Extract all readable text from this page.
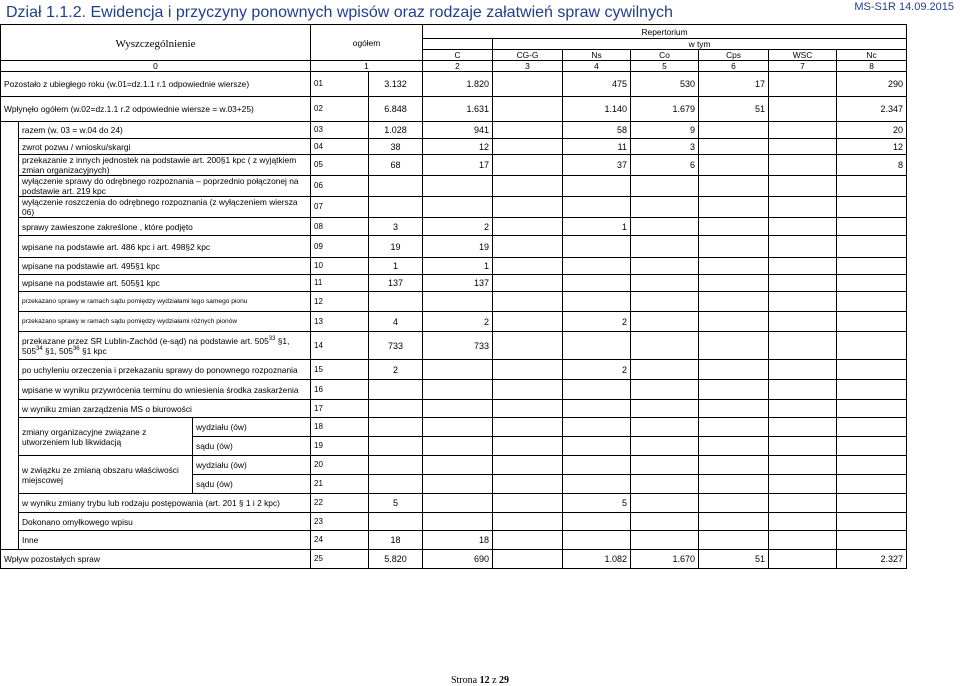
Dział 1.1.2. Ewidencja i przyczyny ponownych wpisów oraz rodzaje załatwień spraw cywilnych	MS-S1R 14.09.2015
Wyszczególnienie			ogółem		Repertorium						
						w tym					
					C	CG-G	Ns	Co	Cps	WSC	Nc
0			1		2	3	4	5	6	7	8
Pozostało z ubiegłego roku (w.01=dz.1.1 r.1 odpowiednie wiersze)			01	3.132	1.820		475	530	17		290
Wpłynęło ogółem (w.02=dz.1.1 r.2 odpowiednie wiersze = w.03+25)			02	6.848	1.631		1.140	1.679	51		2.347
	razem (w. 03 = w.04 do 24)		03	1.028	941		58	9			20
	zwrot pozwu / wniosku/skargi		04	38	12		11	3			12
	przekazanie z innych jednostek na podstawie art. 200§1 kpc ( z wyjątkiem zmian organizacyjnych)		05	68	17		37	6			8
	wyłączenie sprawy do odrębnego rozpoznania – poprzednio połączonej na podstawie art. 219 kpc		06								
	wyłączenie roszczenia do odrębnego rozpoznania (z wyłączeniem wiersza 06)		07								
	sprawy zawieszone zakreślone , które podjęto		08	3	2		1				
	wpisane na podstawie art. 486 kpc i art. 498§2 kpc		09	19	19						
	wpisane na podstawie art. 495§1 kpc		10	1	1						
	wpisane na podstawie art. 505§1 kpc		11	137	137						
	przekazano sprawy w ramach sądu pomiędzy wydziałami tego samego pionu		12								
	przekazano sprawy w ramach sądu pomiędzy wydziałami różnych pionów		13	4	2		2				
	przekazane przez SR Lublin-Zachód (e-sąd) na podstawie art. $505^{33}$ §1, $505^{34}$ §1, $505^{36}$ §1 kpc		14	733	733						
	po uchyleniu orzeczenia i przekazaniu sprawy do ponownego rozpoznania		15	2			2				
	wpisane w wyniku przywrócenia terminu do wniesienia środka zaskarżenia		16								
	w wyniku zmian zarządzenia MS o biurowości		17								
	zmiany organizacyjne związane z utworzeniem lub likwidacją	wydziału (ów)	18								
		sądu (ów)	19								
	w związku ze zmianą obszaru właściwości miejscowej	wydziału (ów)	20								
		sądu (ów)	21								
	w wyniku zmiany trybu lub rodzaju postępowania (art. 201 § 1 i 2 kpc)		22	5			5				
	Dokonano omyłkowego wpisu		23								
	Inne		24	18	18						
Wpływ pozostałych spraw			25	5.820	690		1.082	1.670	51		2.327
Strona 12 z 29
